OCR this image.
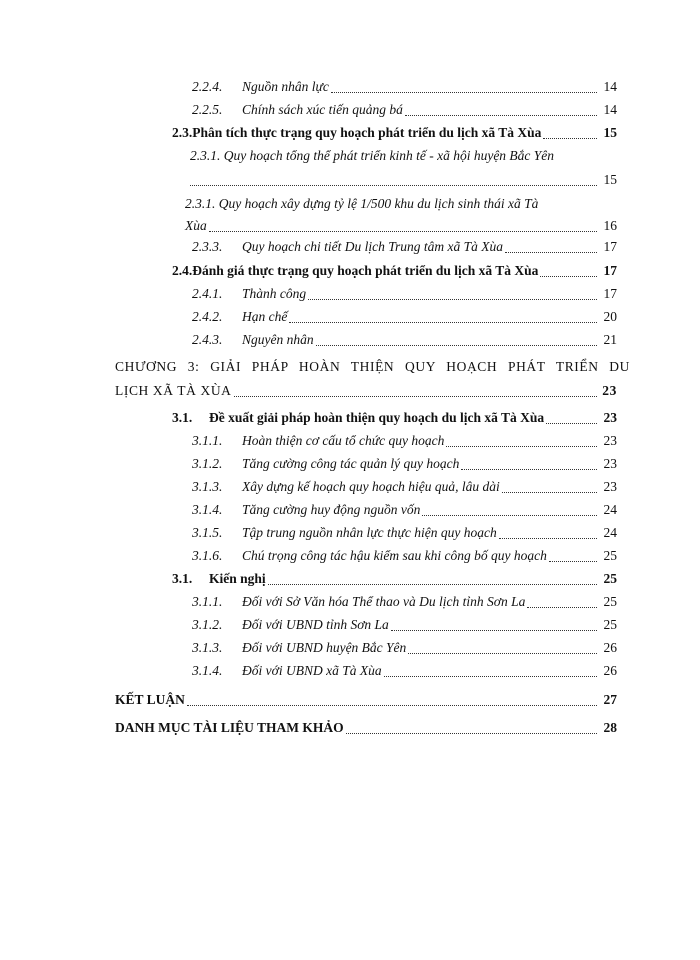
2.2.4.	Nguồn nhân lực	14
2.2.5.	Chính sách xúc tiến quảng bá	14
2.3.Phân tích thực trạng quy hoạch phát triển du lịch xã Tà Xùa	15
2.3.1. Quy hoạch tổng thể phát triển kinh tế - xã hội huyện Bắc Yên
15
2.3.1. Quy hoạch xây dựng tỷ lệ 1/500 khu du lịch sinh thái xã Tà
Xùa	16
2.3.3.	Quy hoạch chi tiết Du lịch Trung tâm xã Tà Xùa	17
2.4.Đánh giá thực trạng quy hoạch phát triển du lịch xã Tà Xùa	17
2.4.1.	Thành công	17
2.4.2.	Hạn chế	20
2.4.3.	Nguyên nhân	21
CHƯƠNG 3: GIẢI PHÁP HOÀN THIỆN QUY HOẠCH PHÁT TRIỂN DU
LỊCH XÃ TÀ XÙA	23
3.1.	Đề xuất giải pháp hoàn thiện quy hoạch du lịch xã Tà Xùa	23
3.1.1.	Hoàn thiện cơ cấu tổ chức quy hoạch	23
3.1.2.	Tăng cường công tác quản lý quy hoạch	23
3.1.3.	Xây dựng kế hoạch quy hoạch hiệu quả, lâu dài	23
3.1.4.	Tăng cường huy động nguồn vốn	24
3.1.5.	Tập trung nguồn nhân lực thực hiện quy hoạch	24
3.1.6.	Chú trọng công tác hậu kiểm sau khi công bố quy hoạch	25
3.1.	Kiến nghị	25
3.1.1.	Đối với Sở Văn hóa Thể thao và Du lịch tỉnh Sơn La	25
3.1.2.	Đối với UBND tỉnh Sơn La	25
3.1.3.	Đối với UBND huyện Bắc Yên	26
3.1.4.	Đối với UBND xã Tà Xùa	26
KẾT LUẬN	27
DANH MỤC TÀI LIỆU THAM KHẢO	28
